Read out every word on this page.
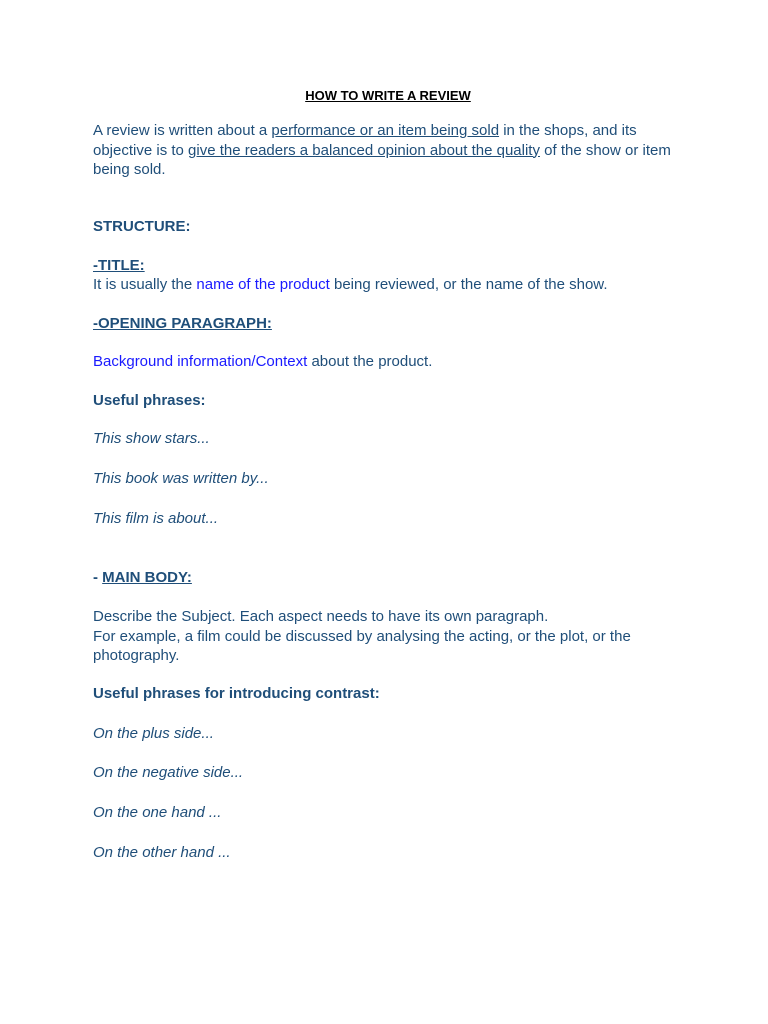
HOW TO WRITE A REVIEW

A review is written about a performance or an item being sold in the shops, and its objective is to give the readers a balanced opinion about the quality of the show or item being sold.

STRUCTURE:
-TITLE:

It is usually the name of the product being reviewed, or the name of the show.

-OPENING PARAGRAPH:

Background information/Context about the product.

Useful phrases:
This show stars...
This book was written by...
This film is about...
- MAIN BODY:

Describe the Subject. Each aspect needs to have its own paragraph.
For example, a film could be discussed by analysing the acting, or the plot, or the photography.

Useful phrases for introducing contrast:
On the plus side...
On the negative side...
On the one hand ...
On the other hand ...
